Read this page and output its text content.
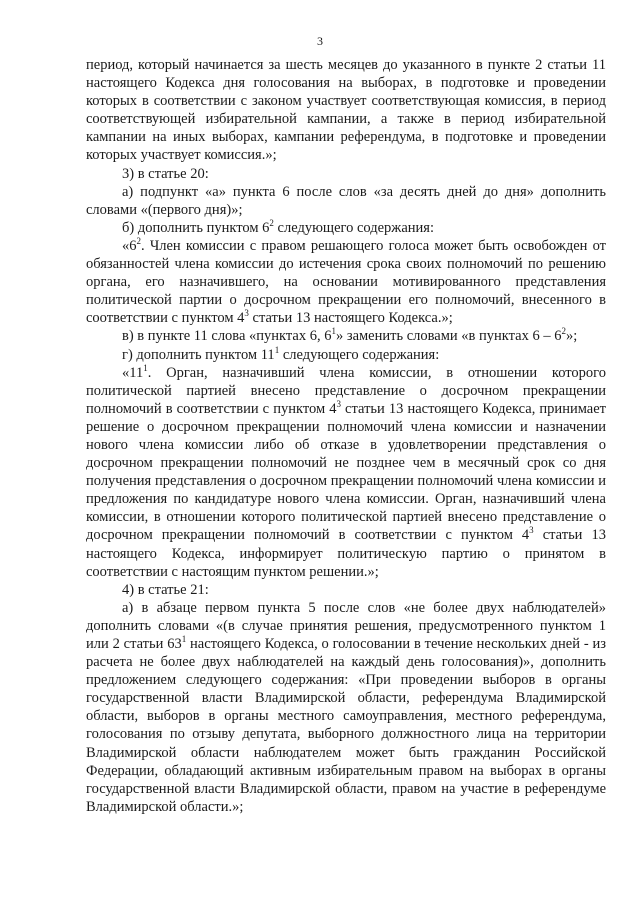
3

период, который начинается за шесть месяцев до указанного в пункте 2 статьи 11 настоящего Кодекса дня голосования на выборах, в подготовке и проведении которых в соответствии с законом участвует соответствующая комиссия, в период соответствующей избирательной кампании, а также в период избирательной кампании на иных выборах, кампании референдума, в подготовке и проведении которых участвует комиссия.»;

3) в статье 20:

а) подпункт «а» пункта 6 после слов «за десять дней до дня» дополнить словами «(первого дня)»;

б) дополнить пунктом $6^2$ следующего содержания:

«$6^2$. Член комиссии с правом решающего голоса может быть освобожден от обязанностей члена комиссии до истечения срока своих полномочий по решению органа, его назначившего, на основании мотивированного представления политической партии о досрочном прекращении его полномочий, внесенного в соответствии с пунктом $4^3$ статьи 13 настоящего Кодекса.»;

в) в пункте 11 слова «пунктах 6, $6^1$» заменить словами «в пунктах $6 - 6^2$»;

г) дополнить пунктом $11^1$ следующего содержания:

«$11^1$. Орган, назначивший члена комиссии, в отношении которого политической партией внесено представление о досрочном прекращении полномочий в соответствии с пунктом $4^3$ статьи 13 настоящего Кодекса, принимает решение о досрочном прекращении полномочий члена комиссии и назначении нового члена комиссии либо об отказе в удовлетворении представления о досрочном прекращении полномочий не позднее чем в месячный срок со дня получения представления о досрочном прекращении полномочий члена комиссии и предложения по кандидатуре нового члена комиссии. Орган, назначивший члена комиссии, в отношении которого политической партией внесено представление о досрочном прекращении полномочий в соответствии с пунктом $4^3$ статьи 13 настоящего Кодекса, информирует политическую партию о принятом в соответствии с настоящим пунктом решении.»;

4) в статье 21:

а) в абзаце первом пункта 5 после слов «не более двух наблюдателей» дополнить словами «(в случае принятия решения, предусмотренного пунктом 1 или 2 статьи $63^1$ настоящего Кодекса, о голосовании в течение нескольких дней - из расчета не более двух наблюдателей на каждый день голосования)», дополнить предложением следующего содержания: «При проведении выборов в органы государственной власти Владимирской области, референдума Владимирской области, выборов в органы местного самоуправления, местного референдума, голосования по отзыву депутата, выборного должностного лица на территории Владимирской области наблюдателем может быть гражданин Российской Федерации, обладающий активным избирательным правом на выборах в органы государственной власти Владимирской области, правом на участие в референдуме Владимирской области.»;
